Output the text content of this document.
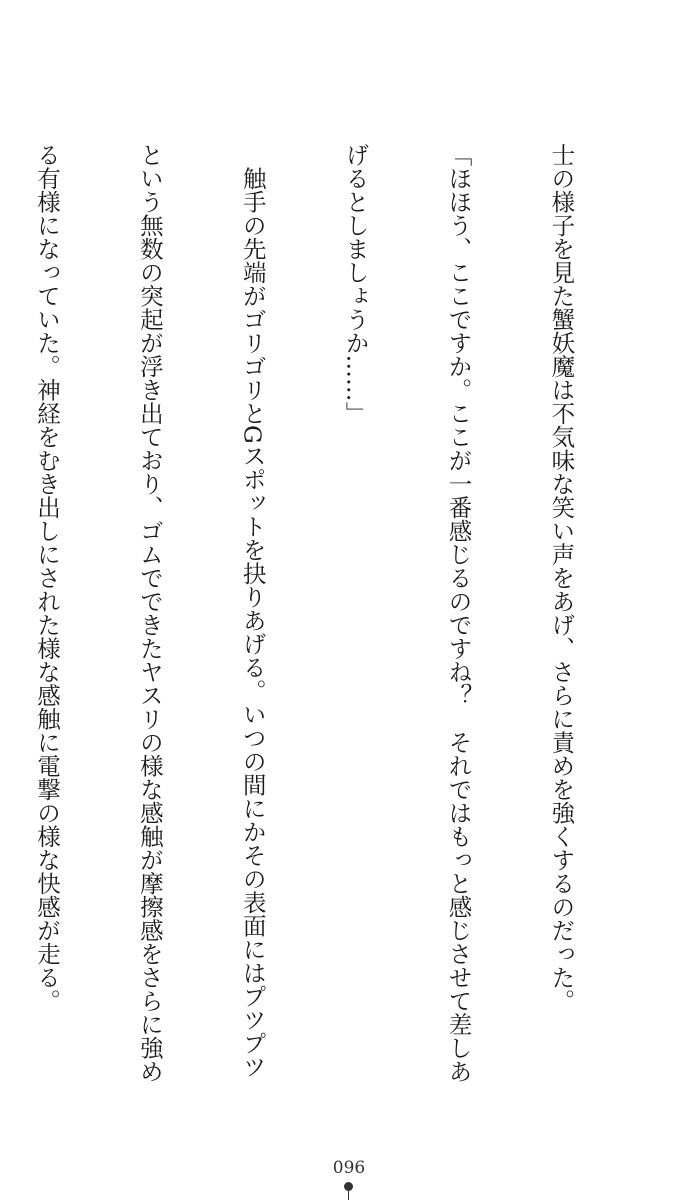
士の様子を見た蟹妖魔は不気味な笑い声をあげ、さらに責めを強くするのだった。

「ほほう、ここですか。ここが一番感じるのですね？　それではもっと感じさせて差しあ

げるとしましょうか……」

　触手の先端がゴリゴリとGスポットを抉りあげる。いつの間にかその表面にはプツプツ

という無数の突起が浮き出ており、ゴムでできたヤスリの様な感触が摩擦感をさらに強め

る有様になっていた。神経をむき出しにされた様な感触に電撃の様な快感が走る。

096
